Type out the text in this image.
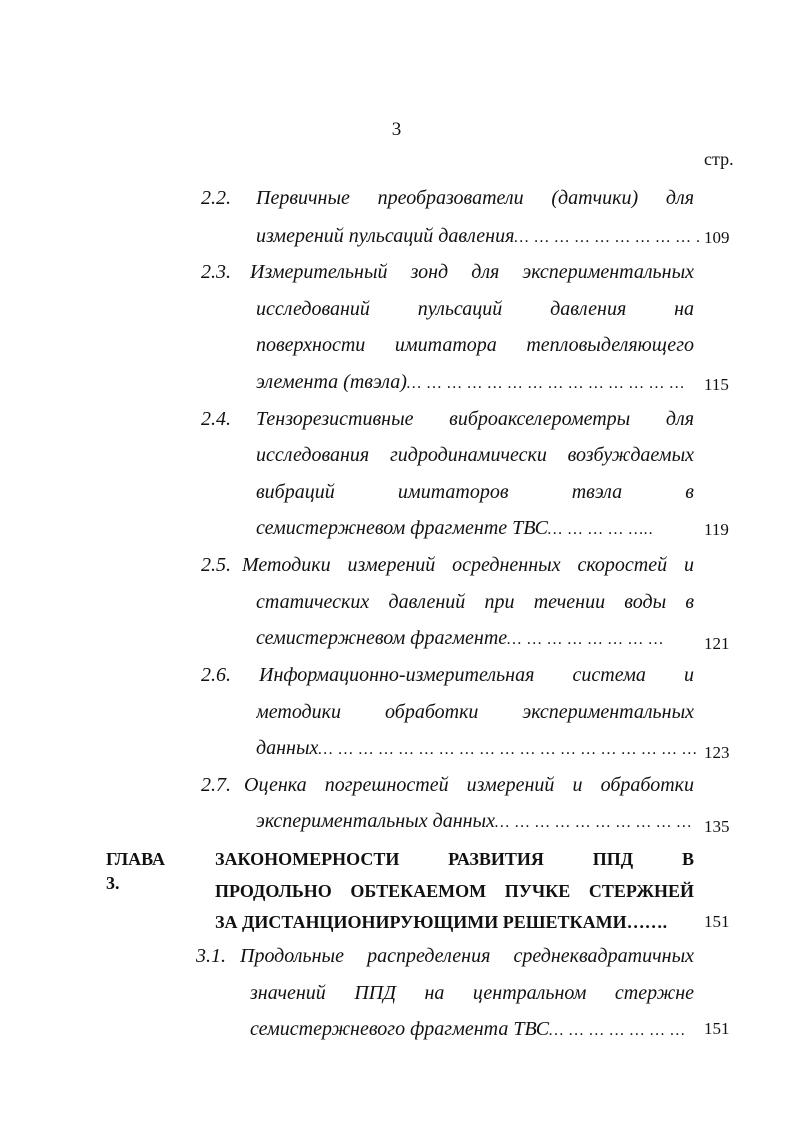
3
стр.
2.2. Первичные преобразователи (датчики) для
измерений пульсаций давления… … … … … … … … … . 109
2.3. Измерительный зонд для экспериментальных
исследований пульсаций давления на
поверхности имитатора тепловыделяющего
элемента (твэла)… … … … … … … … … … … … … … 115
2.4. Тензорезистивные виброакселерометры для
исследования гидродинамически возбуждаемых
вибраций имитаторов твэла в
семистержневом фрагменте ТВС… … … … …..	119
2.5. Методики измерений осредненных скоростей и
статических давлений при течении воды в
семистержневом фрагменте… … … … … … … … 121
2.6. Информационно-измерительная система и
методики обработки экспериментальных
данных… … … … … … … … … … … … … … … … … … … 123
2.7. Оценка погрешностей измерений и обработки
экспериментальных данных… … … … … … … … … … 135
ГЛАВА 3.
ЗАКОНОМЕРНОСТИ РАЗВИТИЯ ППД В
ПРОДОЛЬНО ОБТЕКАЕМОМ ПУЧКЕ СТЕРЖНЕЙ
ЗА ДИСТАНЦИОНИРУЮЩИМИ РЕШЕТКАМИ……. 151
3.1. Продольные распределения среднеквадратичных
значений ППД на центральном стержне
семистержневого фрагмента ТВС… … … … … … … 151
